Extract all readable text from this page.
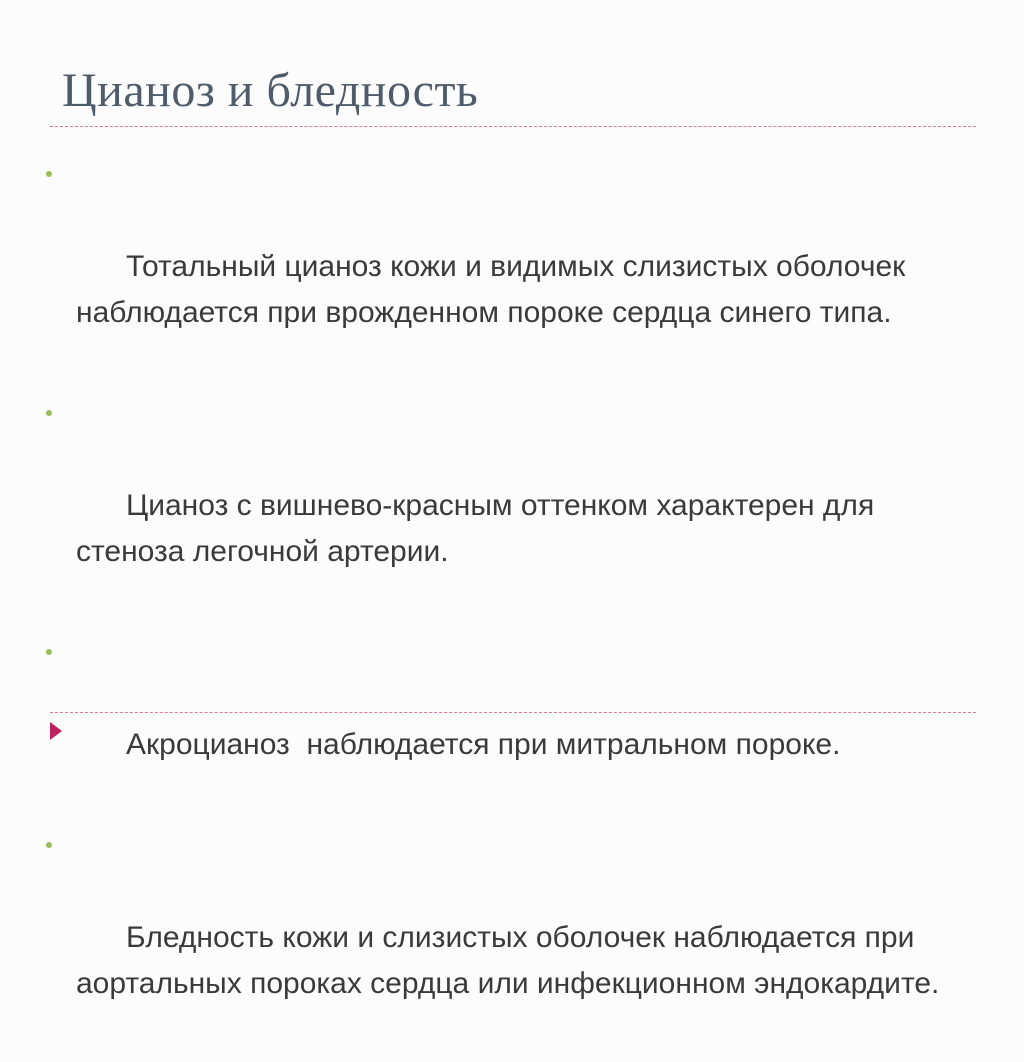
Цианоз и бледность

Тотальный цианоз кожи и видимых слизистых оболочек наблюдается при врожденном пороке сердца синего типа.

Цианоз с вишнево-красным оттенком характерен для стеноза легочной артерии.

Акроцианоз  наблюдается при митральном пороке.

Бледность кожи и слизистых оболочек наблюдается при аортальных пороках сердца или инфекционном эндокардите.
